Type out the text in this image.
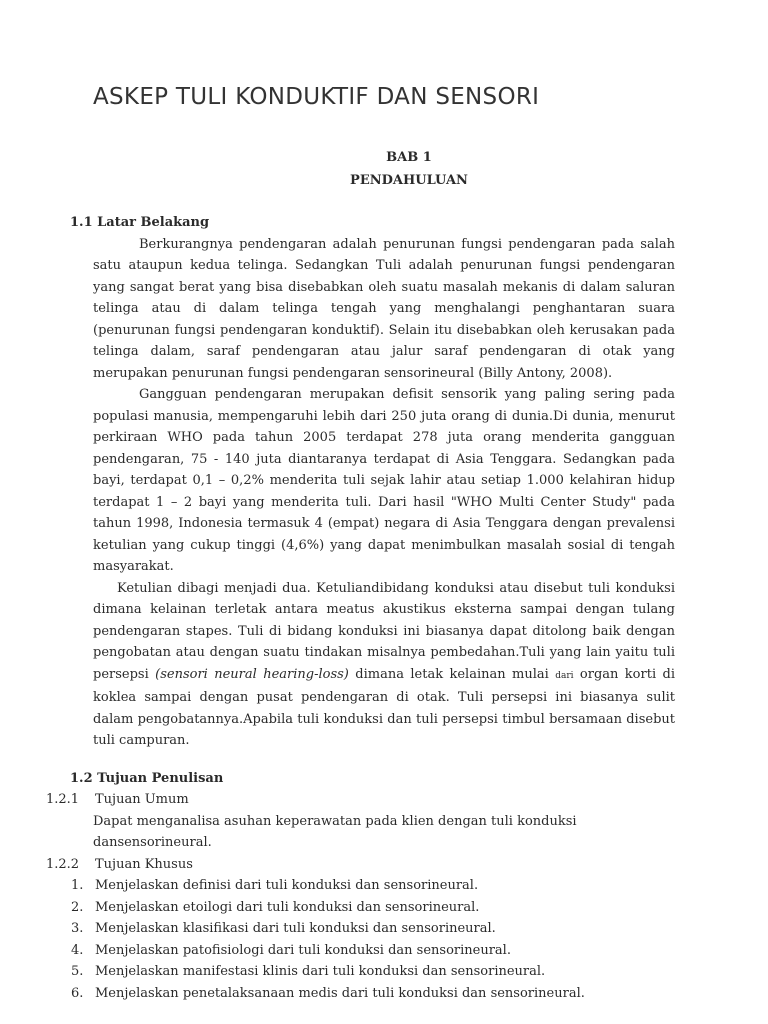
ASKEP TULI KONDUKTIF DAN SENSORI

BAB 1

PENDAHULUAN

1.1 Latar Belakang

Berkurangnya pendengaran adalah penurunan fungsi pendengaran pada salah satu ataupun kedua telinga. Sedangkan Tuli adalah penurunan fungsi pendengaran yang sangat berat yang bisa disebabkan oleh suatu masalah mekanis di dalam saluran telinga atau di dalam telinga tengah yang menghalangi penghantaran suara (penurunan fungsi pendengaran konduktif). Selain itu disebabkan oleh kerusakan pada telinga dalam, saraf pendengaran atau jalur saraf pendengaran di otak yang merupakan penurunan fungsi pendengaran sensorineural (Billy Antony, 2008).

Gangguan pendengaran merupakan defisit sensorik yang paling sering pada populasi manusia, mempengaruhi lebih dari 250 juta orang di dunia.Di dunia, menurut perkiraan WHO pada tahun 2005 terdapat 278 juta orang menderita gangguan pendengaran, 75 - 140 juta diantaranya terdapat di Asia Tenggara. Sedangkan pada bayi, terdapat 0,1 – 0,2% menderita tuli sejak lahir atau setiap 1.000 kelahiran hidup terdapat 1 – 2 bayi yang menderita tuli. Dari hasil "WHO Multi Center Study" pada tahun 1998, Indonesia termasuk 4 (empat) negara di Asia Tenggara dengan prevalensi ketulian yang cukup tinggi (4,6%) yang dapat menimbulkan masalah sosial di tengah masyarakat.

Ketulian dibagi menjadi dua. Ketuliandibidang konduksi atau disebut tuli konduksi dimana kelainan terletak antara meatus akustikus eksterna sampai dengan tulang pendengaran stapes. Tuli di bidang konduksi ini biasanya dapat ditolong baik dengan pengobatan atau dengan suatu tindakan misalnya pembedahan.Tuli yang lain yaitu tuli persepsi (sensori neural hearing-loss) dimana letak kelainan mulai dari organ korti di koklea sampai dengan pusat pendengaran di otak. Tuli persepsi ini biasanya sulit dalam pengobatannya.Apabila tuli konduksi dan tuli persepsi timbul bersamaan disebut tuli campuran.

1.2 Tujuan Penulisan

1.2.1 Tujuan Umum

Dapat menganalisa asuhan keperawatan pada klien dengan tuli konduksi dansensorineural.

1.2.2 Tujuan Khusus

1. Menjelaskan definisi dari tuli konduksi dan sensorineural.
2. Menjelaskan etoilogi dari tuli konduksi dan sensorineural.
3. Menjelaskan klasifikasi dari tuli konduksi dan sensorineural.
4. Menjelaskan patofisiologi dari tuli konduksi dan sensorineural.
5. Menjelaskan manifestasi klinis dari tuli konduksi dan sensorineural.
6. Menjelaskan penetalaksanaan medis dari tuli konduksi dan sensorineural.
